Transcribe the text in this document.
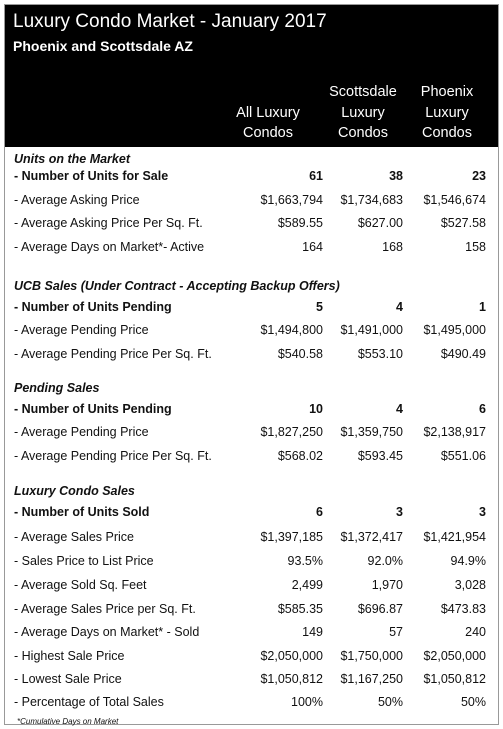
Luxury Condo Market - January 2017
Phoenix and Scottsdale AZ

All Luxury
Condos
Scottsdale
Luxury
Condos
Phoenix
Luxury
Condos
Units on the Market
- Number of Units for Sale	61	38	23
- Average Asking Price	$1,663,794 $1,734,683 $1,546,674
- Average Asking Price Per Sq. Ft.	$589.55	$627.00	$527.58
- Average Days on Market*- Active	164	168	158
UCB Sales (Under Contract - Accepting Backup Offers)
- Number of Units Pending	5	4	1
- Average Pending Price	$1,494,800 $1,491,000 $1,495,000
- Average Pending Price Per Sq. Ft.	$540.58	$553.10	$490.49
Pending Sales
- Number of Units Pending	10	4	6
- Average Pending Price	$1,827,250 $1,359,750 $2,138,917
- Average Pending Price Per Sq. Ft.	$568.02	$593.45	$551.06
Luxury Condo Sales
- Number of Units Sold	6	3	3
- Average Sales Price	$1,397,185 $1,372,417 $1,421,954
- Sales Price to List Price	93.5%	92.0%	94.9%
- Average Sold Sq. Feet	2,499	1,970	3,028
- Average Sales Price per Sq. Ft.	$585.35	$696.87	$473.83
- Average Days on Market* - Sold	149	57	240
- Highest Sale Price	$2,050,000 $1,750,000 $2,050,000
- Lowest Sale Price	$1,050,812 $1,167,250 $1,050,812
- Percentage of Total Sales	100%	50%	50%
*Cumulative Days on Market
